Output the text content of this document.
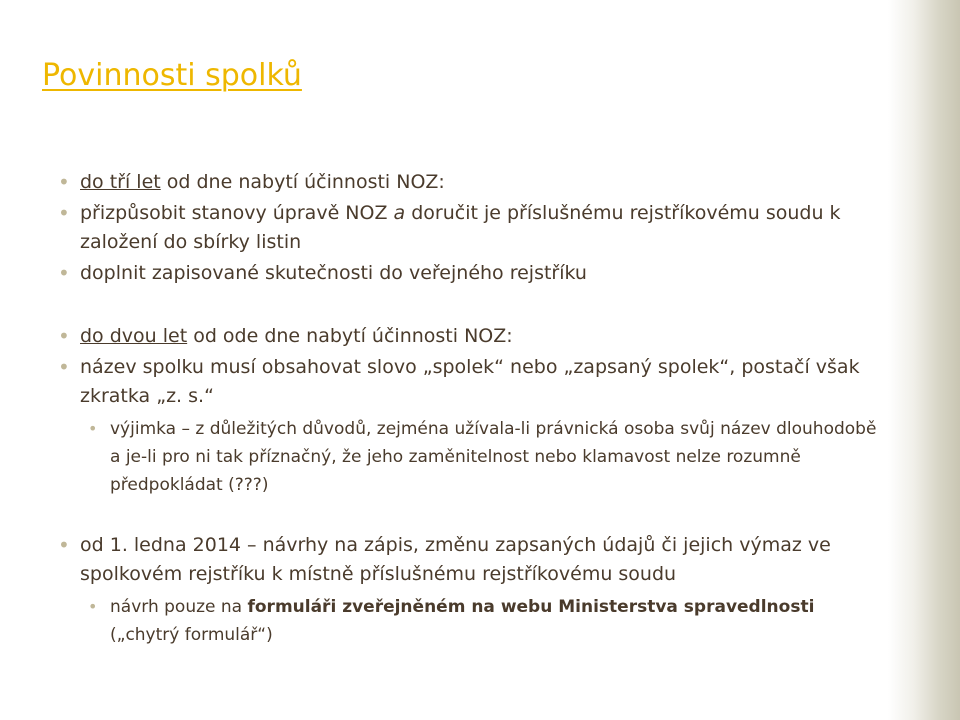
Povinnosti spolků
• do tří let od dne nabytí účinnosti NOZ:
• přizpůsobit stanovy úpravě NOZ a doručit je příslušnému rejstříkovému soudu k založení do sbírky listin
• doplnit zapisované skutečnosti do veřejného rejstříku
• do dvou let od ode dne nabytí účinnosti NOZ:
• název spolku musí obsahovat slovo „spolek“ nebo „zapsaný spolek“, postačí však zkratka „z. s.“
• výjimka – z důležitých důvodů, zejména užívala-li právnická osoba svůj název dlouhodobě a je-li pro ni tak příznačný, že jeho zaměnitelnost nebo klamavost nelze rozumně předpokládat (???)
• od 1. ledna 2014 – návrhy na zápis, změnu zapsaných údajů či jejich výmaz ve spolkovém rejstříku k místně příslušnému rejstříkovému soudu
• návrh pouze na formuláři zveřejněném na webu Ministerstva spravedlnosti („chytrý formulář“)
